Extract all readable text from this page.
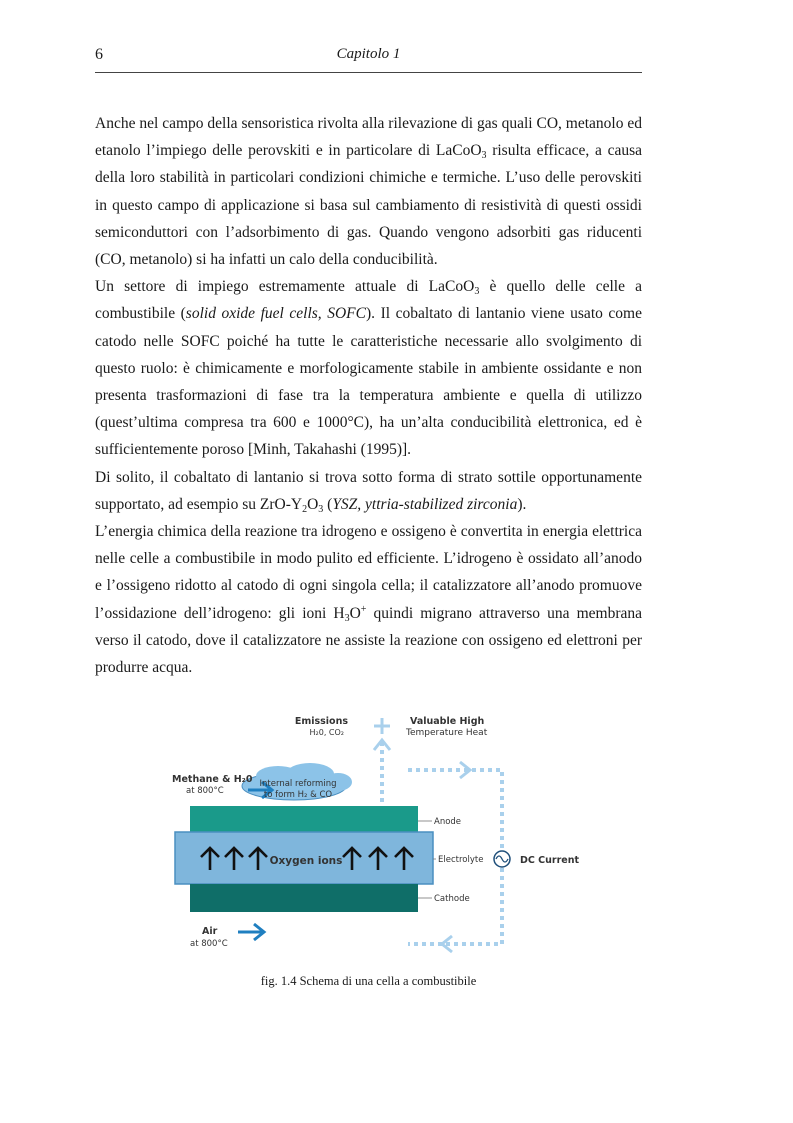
6	Capitolo 1

Anche nel campo della sensoristica rivolta alla rilevazione di gas quali CO, metanolo ed etanolo l’impiego delle perovskiti e in particolare di LaCoO$_3$ risulta efficace, a causa della loro stabilità in particolari condizioni chimiche e termiche. L’uso delle perovskiti in questo campo di applicazione si basa sul cambiamento di resistività di questi ossidi semiconduttori con l’adsorbimento di gas. Quando vengono adsorbiti gas riducenti (CO, metanolo) si ha infatti un calo della conducibilità.

Un settore di impiego estremamente attuale di LaCoO$_3$ è quello delle celle a combustibile (solid oxide fuel cells, SOFC). Il cobaltato di lantanio viene usato come catodo nelle SOFC poiché ha tutte le caratteristiche necessarie allo svolgimento di questo ruolo: è chimicamente e morfologicamente stabile in ambiente ossidante e non presenta trasformazioni di fase tra la temperatura ambiente e quella di utilizzo (quest’ultima compresa tra 600 e 1000°C), ha un’alta conducibilità elettronica, ed è sufficientemente poroso [Minh, Takahashi (1995)].

Di solito, il cobaltato di lantanio si trova sotto forma di strato sottile opportunamente supportato, ad esempio su ZrO-$Y_2O_3$ (YSZ, yttria-stabilized zirconia).

L’energia chimica della reazione tra idrogeno e ossigeno è convertita in energia elettrica nelle celle a combustibile in modo pulito ed efficiente. L’idrogeno è ossidato all’anodo e l’ossigeno ridotto al catodo di ogni singola cella; il catalizzatore all’anodo promuove l’ossidazione dell’idrogeno: gli ioni $H_3O^+$ quindi migrano attraverso una membrana verso il catodo, dove il catalizzatore ne assiste la reazione con ossigeno ed elettroni per produrre acqua.

Emissions
H₂0, CO₂
Valuable High
Temperature Heat
Methane & H₂0
at 800°C
Internal reforming
to form H₂ & CO
Anode
Electrolyte
Cathode
Oxygen ions	DC Current
Air
at 800°C
fig. 1.4 Schema di una cella a combustibile
